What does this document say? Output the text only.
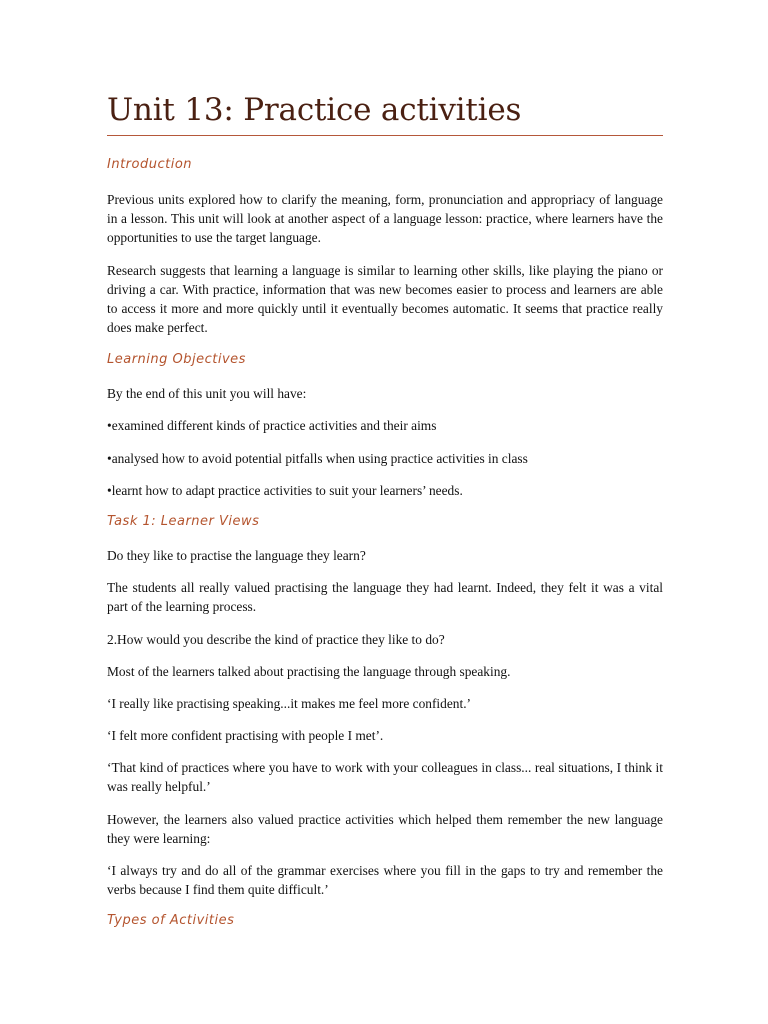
Unit 13: Practice activities
Introduction

Previous units explored how to clarify the meaning, form, pronunciation and appropriacy of language in a lesson. This unit will look at another aspect of a language lesson: practice, where learners have the opportunities to use the target language.

Research suggests that learning a language is similar to learning other skills, like playing the piano or driving a car. With practice, information that was new becomes easier to process and learners are able to access it more and more quickly until it eventually becomes automatic. It seems that practice really does make perfect.

Learning Objectives

By the end of this unit you will have:

•examined different kinds of practice activities and their aims

•analysed how to avoid potential pitfalls when using practice activities in class

•learnt how to adapt practice activities to suit your learners’ needs.

Task 1: Learner Views

Do they like to practise the language they learn?

The students all really valued practising the language they had learnt. Indeed, they felt it was a vital part of the learning process.

2.How would you describe the kind of practice they like to do?

Most of the learners talked about practising the language through speaking.

‘I really like practising speaking...it makes me feel more confident.’

‘I felt more confident practising with people I met’.

‘That kind of practices where you have to work with your colleagues in class... real situations, I think it was really helpful.’

However, the learners also valued practice activities which helped them remember the new language they were learning:

‘I always try and do all of the grammar exercises where you fill in the gaps to try and remember the verbs because I find them quite difficult.’

Types of Activities
